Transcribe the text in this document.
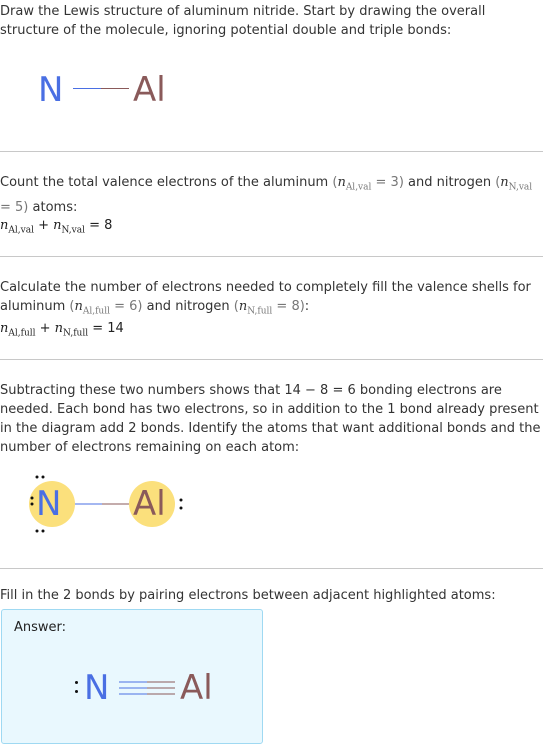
Draw the Lewis structure of aluminum nitride. Start by drawing the overall structure of the molecule, ignoring potential double and triple bonds:
N Al
Count the total valence electrons of the aluminum $(n_{Al,val} = 3)$ and nitrogen $(n_{N,val} = 5)$ atoms:
$n_{Al,val} + n_{N,val} = 8$
Calculate the number of electrons needed to completely fill the valence shells for aluminum $(n_{Al,full} = 6)$ and nitrogen $(n_{N,full} = 8)$:
$n_{Al,full} + n_{N,full} = 14$
Subtracting these two numbers shows that 14 − 8 = 6 bonding electrons are needed. Each bond has two electrons, so in addition to the 1 bond already present in the diagram add 2 bonds. Identify the atoms that want additional bonds and the number of electrons remaining on each atom:
N Al
Fill in the 2 bonds by pairing electrons between adjacent highlighted atoms:
Answer:
N Al
